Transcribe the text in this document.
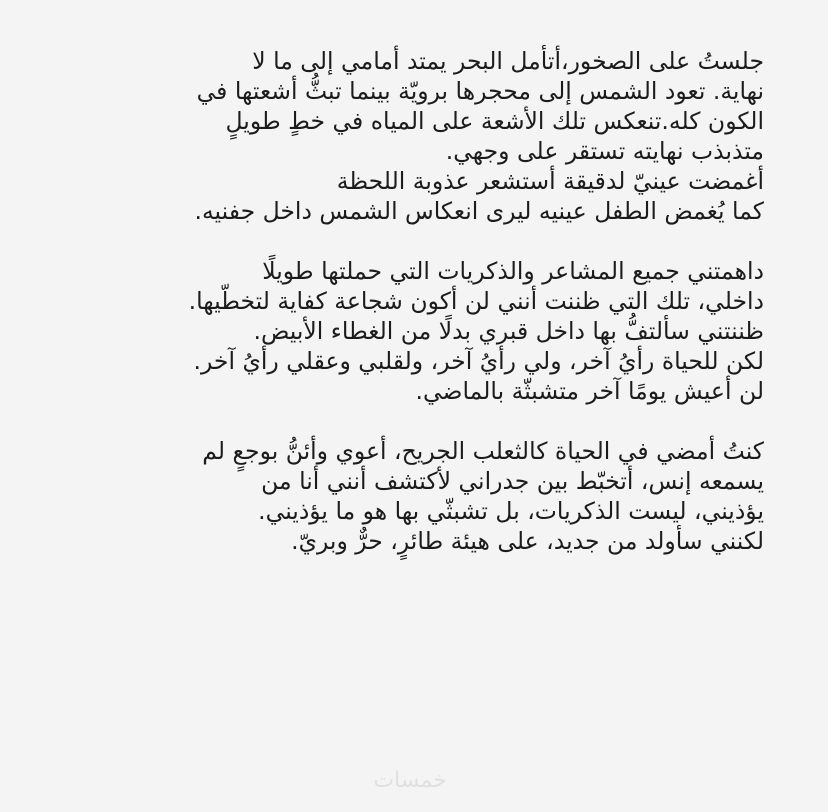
جلستُ على الصخور،أتأمل البحر يمتد أمامي إلى ما لا
نهاية. تعود الشمس إلى محجرها برويّة بينما تبثُّ أشعتها في
الكون كله.تنعكس تلك الأشعة على المياه في خطٍ طويلٍ
متذبذب نهايته تستقر على وجهي.
أغمضت عينيّ لدقيقة أستشعر عذوبة اللحظة
كما يُغمض الطفل عينيه ليرى انعكاس الشمس داخل جفنيه.
داهمتني جميع المشاعر والذكريات التي حملتها طويلًا
داخلي، تلك التي ظننت أنني لن أكون شجاعة كفاية لتخطّيها.
ظننتني سألتفُّ بها داخل قبري بدلًا من الغطاء الأبيض.
لكن للحياة رأيُ آخر، ولي رأيُ آخر، ولقلبي وعقلي رأيُ آخر.
لن أعيش يومًا آخر متشبثّة بالماضي.
كنتُ أمضي في الحياة كالثعلب الجريح، أعوي وأئنُّ بوجعٍ لم
يسمعه إنس، أتخبّط بين جدراني لأكتشف أنني أنا من
يؤذيني، ليست الذكريات، بل تشبثّي بها هو ما يؤذيني.
لكنني سأولد من جديد، على هيئة طائرٍ، حرٌّ وبريّ.
خمسات
